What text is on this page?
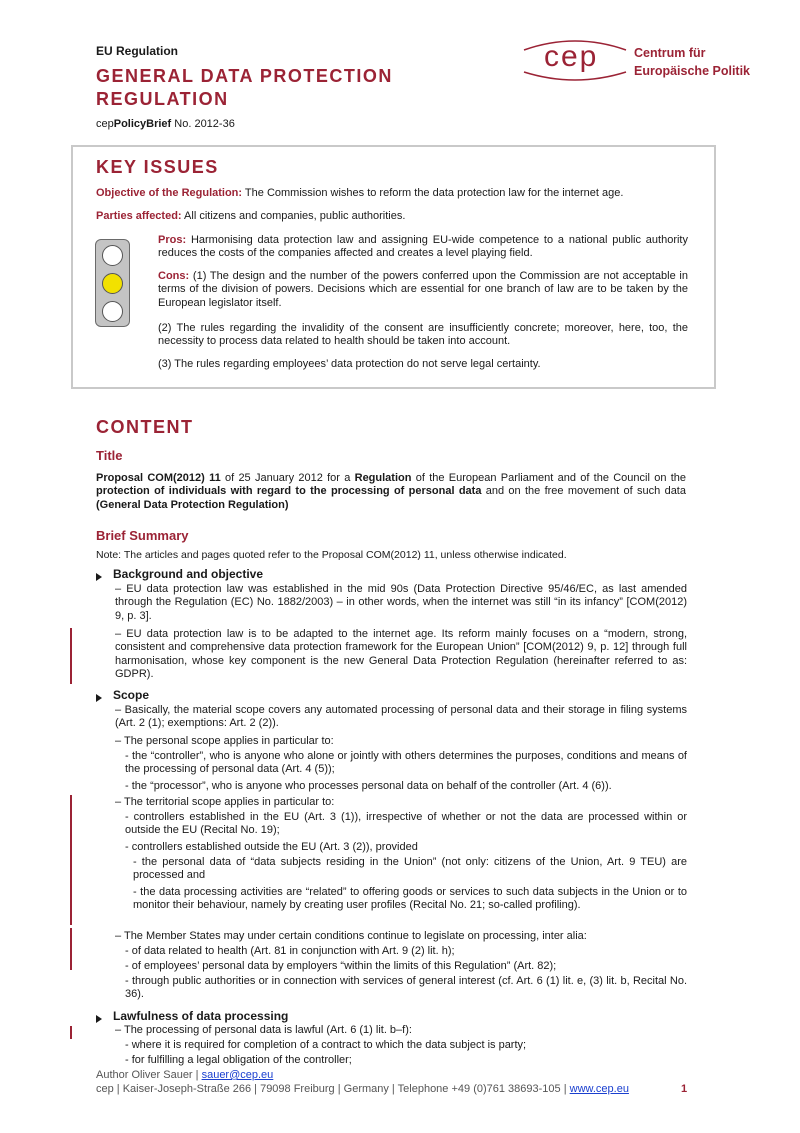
EU Regulation
GENERAL DATA PROTECTION REGULATION
cepPolicyBrief No. 2012-36
cep	Centrum für
Europäische Politik
KEY ISSUES
Objective of the Regulation: The Commission wishes to reform the data protection law for the internet age.
Parties affected: All citizens and companies, public authorities.
Pros: Harmonising data protection law and assigning EU-wide competence to a national public authority reduces the costs of the companies affected and creates a level playing field.
Cons: (1) The design and the number of the powers conferred upon the Commission are not acceptable in terms of the division of powers. Decisions which are essential for one branch of law are to be taken by the European legislator itself.
(2) The rules regarding the invalidity of the consent are insufficiently concrete; moreover, here, too, the necessity to process data related to health should be taken into account.
(3) The rules regarding employees’ data protection do not serve legal certainty.
CONTENT
Title
Proposal COM(2012) 11 of 25 January 2012 for a Regulation of the European Parliament and of the Council on the protection of individuals with regard to the processing of personal data and on the free movement of such data (General Data Protection Regulation)
Brief Summary
Note: The articles and pages quoted refer to the Proposal COM(2012) 11, unless otherwise indicated.
Background and objective
– EU data protection law was established in the mid 90s (Data Protection Directive 95/46/EC, as last amended through the Regulation (EC) No. 1882/2003) – in other words, when the internet was still “in its infancy” [COM(2012) 9, p. 3].
– EU data protection law is to be adapted to the internet age. Its reform mainly focuses on a “modern, strong, consistent and comprehensive data protection framework for the European Union” [COM(2012) 9, p. 12] through full harmonisation, whose key component is the new General Data Protection Regulation (hereinafter referred to as: GDPR).
Scope
– Basically, the material scope covers any automated processing of personal data and their storage in filing systems (Art. 2 (1); exemptions: Art. 2 (2)).
– The personal scope applies in particular to:
- the “controller”, who is anyone who alone or jointly with others determines the purposes, conditions and means of the processing of personal data (Art. 4 (5));
- the “processor”, who is anyone who processes personal data on behalf of the controller (Art. 4 (6)).
– The territorial scope applies in particular to:
- controllers established in the EU (Art. 3 (1)), irrespective of whether or not the data are processed within or outside the EU (Recital No. 19);
- controllers established outside the EU (Art. 3 (2)), provided
- the personal data of “data subjects residing in the Union” (not only: citizens of the Union, Art. 9 TEU) are processed and
- the data processing activities are “related” to offering goods or services to such data subjects in the Union or to monitor their behaviour, namely by creating user profiles (Recital No. 21; so-called profiling).
– The Member States may under certain conditions continue to legislate on processing, inter alia:
- of data related to health (Art. 81 in conjunction with Art. 9 (2) lit. h);
- of employees’ personal data by employers “within the limits of this Regulation” (Art. 82);
- through public authorities or in connection with services of general interest (cf. Art. 6 (1) lit. e, (3) lit. b, Recital No. 36).
Lawfulness of data processing
– The processing of personal data is lawful (Art. 6 (1) lit. b–f):
- where it is required for completion of a contract to which the data subject is party;
- for fulfilling a legal obligation of the controller;
Author Oliver Sauer | sauer@cep.eu
cep | Kaiser-Joseph-Straße 266 | 79098 Freiburg | Germany | Telephone +49 (0)761 38693-105 | www.cep.eu	1
